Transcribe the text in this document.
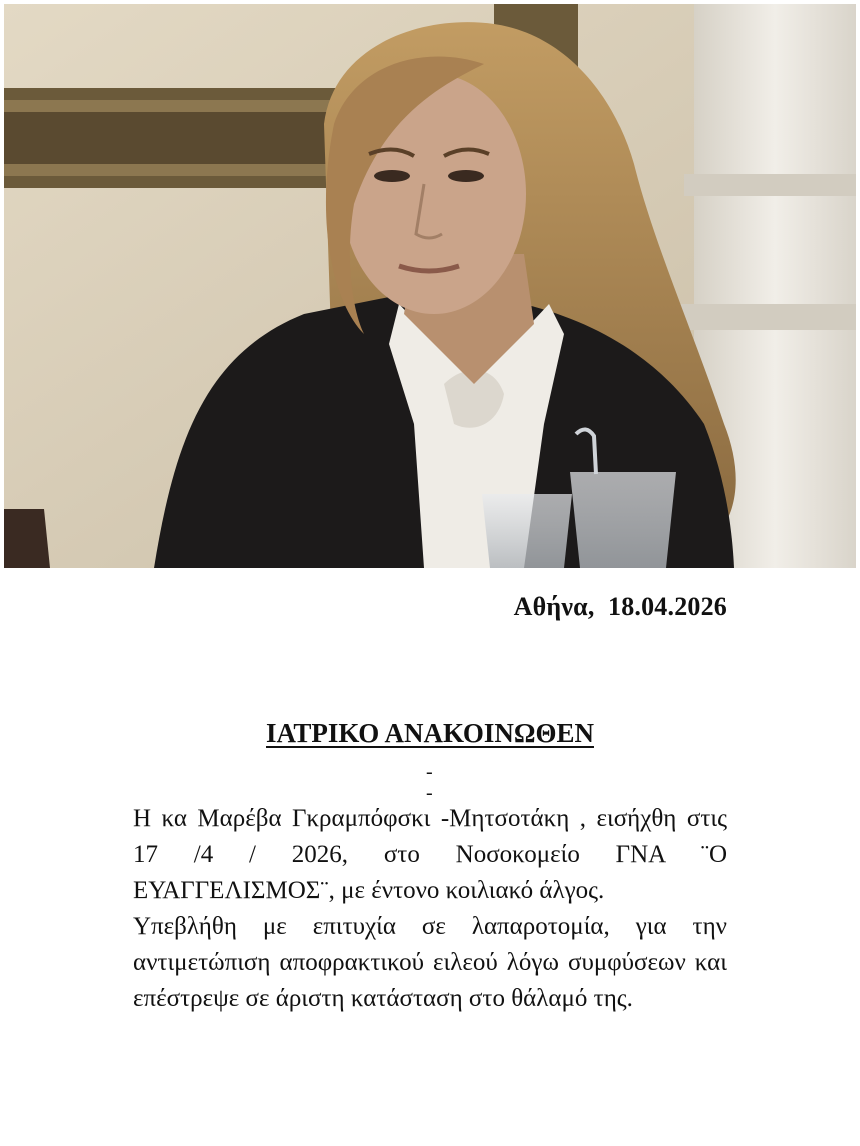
Αθήνα, 18.04.2026
ΙΑΤΡΙΚΟ ΑΝΑΚΟΙΝΩΘΕΝ
-
-

Η κα Μαρέβα Γκραμπόφσκι -Μητσοτάκη , εισήχθη στις 17 /4 / 2026, στο Νοσοκομείο ΓΝΑ ¨Ο ΕΥΑΓΓΕΛΙΣΜΟΣ¨, με έντονο κοιλιακό άλγος.

Υπεβλήθη με επιτυχία σε λαπαροτομία, για την αντιμετώπιση αποφρακτικού ειλεού λόγω συμφύσεων και επέστρεψε σε άριστη κατάσταση στο θάλαμό της.
